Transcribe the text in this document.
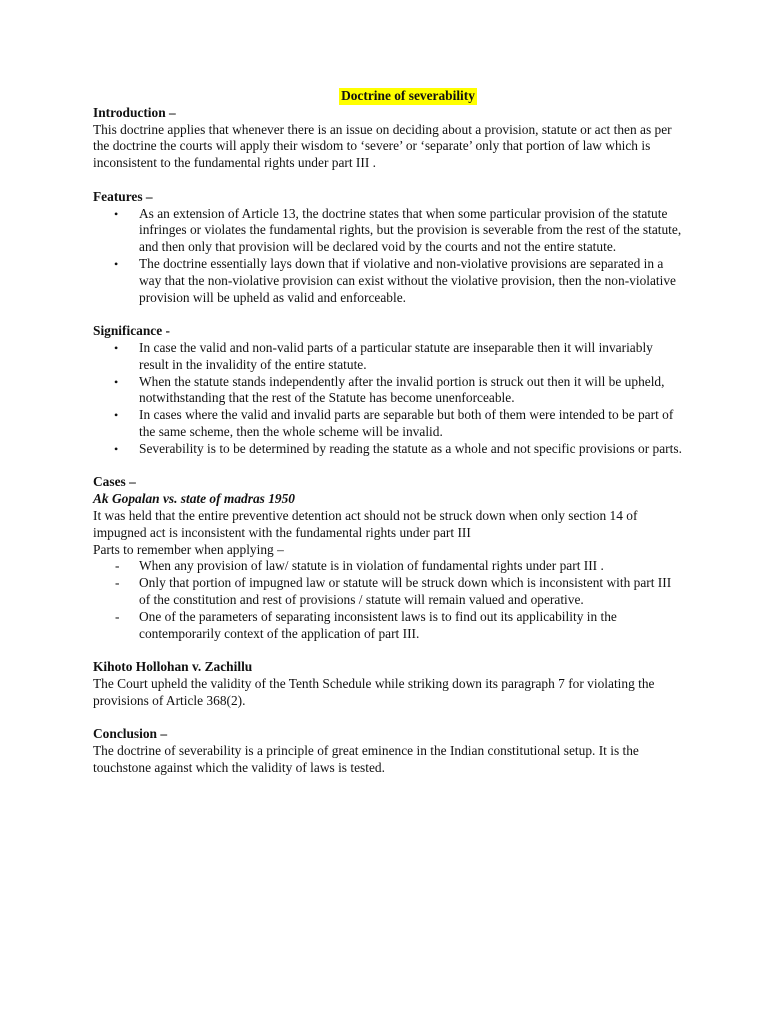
Doctrine of severability
Introduction –

This doctrine applies that whenever there is an issue on deciding about a provision, statute or act then as per the doctrine the courts will apply their wisdom to ‘severe’ or ‘separate’ only that portion of law which is inconsistent to the fundamental rights under part III .

Features –
• As an extension of Article 13, the doctrine states that when some particular provision of the statute infringes or violates the fundamental rights, but the provision is severable from the rest of the statute, and then only that provision will be declared void by the courts and not the entire statute.
• The doctrine essentially lays down that if violative and non-violative provisions are separated in a way that the non-violative provision can exist without the violative provision, then the non-violative provision will be upheld as valid and enforceable.
Significance -
• In case the valid and non-valid parts of a particular statute are inseparable then it will invariably result in the invalidity of the entire statute.
• When the statute stands independently after the invalid portion is struck out then it will be upheld, notwithstanding that the rest of the Statute has become unenforceable.
• In cases where the valid and invalid parts are separable but both of them were intended to be part of the same scheme, then the whole scheme will be invalid.
• Severability is to be determined by reading the statute as a whole and not specific provisions or parts.
Cases –
Ak Gopalan vs. state of madras 1950

It was held that the entire preventive detention act should not be struck down when only section 14 of impugned act is inconsistent with the fundamental rights under part III

Parts to remember when applying –

- When any provision of law/ statute is in violation of fundamental rights under part III .
- Only that portion of impugned law or statute will be struck down which is inconsistent with part III of the constitution and rest of provisions / statute will remain valued and operative.
- One of the parameters of separating inconsistent laws is to find out its applicability in the contemporarily context of the application of part III.
Kihoto Hollohan v. Zachillu

The Court upheld the validity of the Tenth Schedule while striking down its paragraph 7 for violating the provisions of Article 368(2).

Conclusion –

The doctrine of severability is a principle of great eminence in the Indian constitutional setup. It is the touchstone against which the validity of laws is tested.
